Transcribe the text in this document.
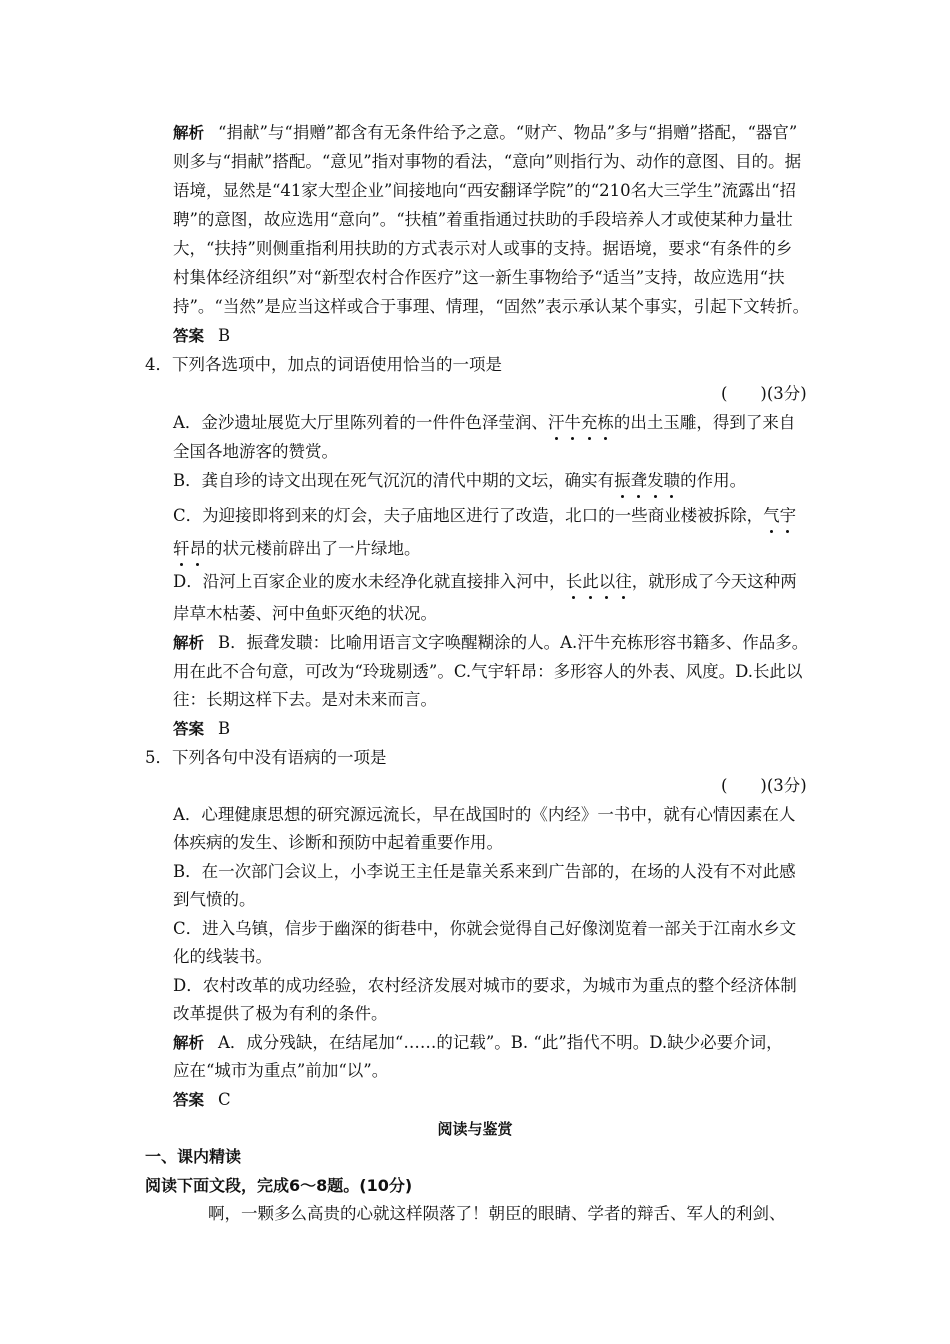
解析 “捐献”与“捐赠”都含有无条件给予之意。“财产、物品”多与“捐赠”搭配，“器官”
则多与“捐献”搭配。“意见”指对事物的看法，“意向”则指行为、动作的意图、目的。据
语境，显然是“41家大型企业”间接地向“西安翻译学院”的“210名大三学生”流露出“招
聘”的意图，故应选用“意向”。“扶植”着重指通过扶助的手段培养人才或使某种力量壮
大，“扶持”则侧重指利用扶助的方式表示对人或事的支持。据语境，要求“有条件的乡
村集体经济组织”对“新型农村合作医疗”这一新生事物给予“适当”支持，故应选用“扶
持”。“当然”是应当这样或合于事理、情理，“固然”表示承认某个事实，引起下文转折。
答案 B
4．下列各选项中，加点的词语使用恰当的一项是
(　　)(3分)
A．金沙遗址展览大厅里陈列着的一件件色泽莹润、汗牛充栋的出土玉雕，得到了来自
全国各地游客的赞赏。
B．龚自珍的诗文出现在死气沉沉的清代中期的文坛，确实有振聋发聩的作用。
C．为迎接即将到来的灯会，夫子庙地区进行了改造，北口的一些商业楼被拆除，气宇
轩昂的状元楼前辟出了一片绿地。
D．沿河上百家企业的废水未经净化就直接排入河中，长此以往，就形成了今天这种两
岸草木枯萎、河中鱼虾灭绝的状况。
解析 B．振聋发聩：比喻用语言文字唤醒糊涂的人。A.汗牛充栋形容书籍多、作品多。
用在此不合句意，可改为“玲珑剔透”。C.气宇轩昂：多形容人的外表、风度。D.长此以
往：长期这样下去。是对未来而言。
答案 B
5．下列各句中没有语病的一项是
(　　)(3分)
A．心理健康思想的研究源远流长，早在战国时的《内经》一书中，就有心情因素在人
体疾病的发生、诊断和预防中起着重要作用。
B．在一次部门会议上，小李说王主任是靠关系来到广告部的，在场的人没有不对此感
到气愤的。
C．进入乌镇，信步于幽深的街巷中，你就会觉得自己好像浏览着一部关于江南水乡文
化的线装书。
D．农村改革的成功经验，农村经济发展对城市的要求，为城市为重点的整个经济体制
改革提供了极为有利的条件。
解析 A．成分残缺，在结尾加“……的记载”。B. “此”指代不明。D.缺少必要介词，
应在“城市为重点”前加“以”。
答案 C
阅读与鉴赏
一、课内精读
阅读下面文段，完成6～8题。(10分)
啊，一颗多么高贵的心就这样陨落了！朝臣的眼睛、学者的辩舌、军人的利剑、
